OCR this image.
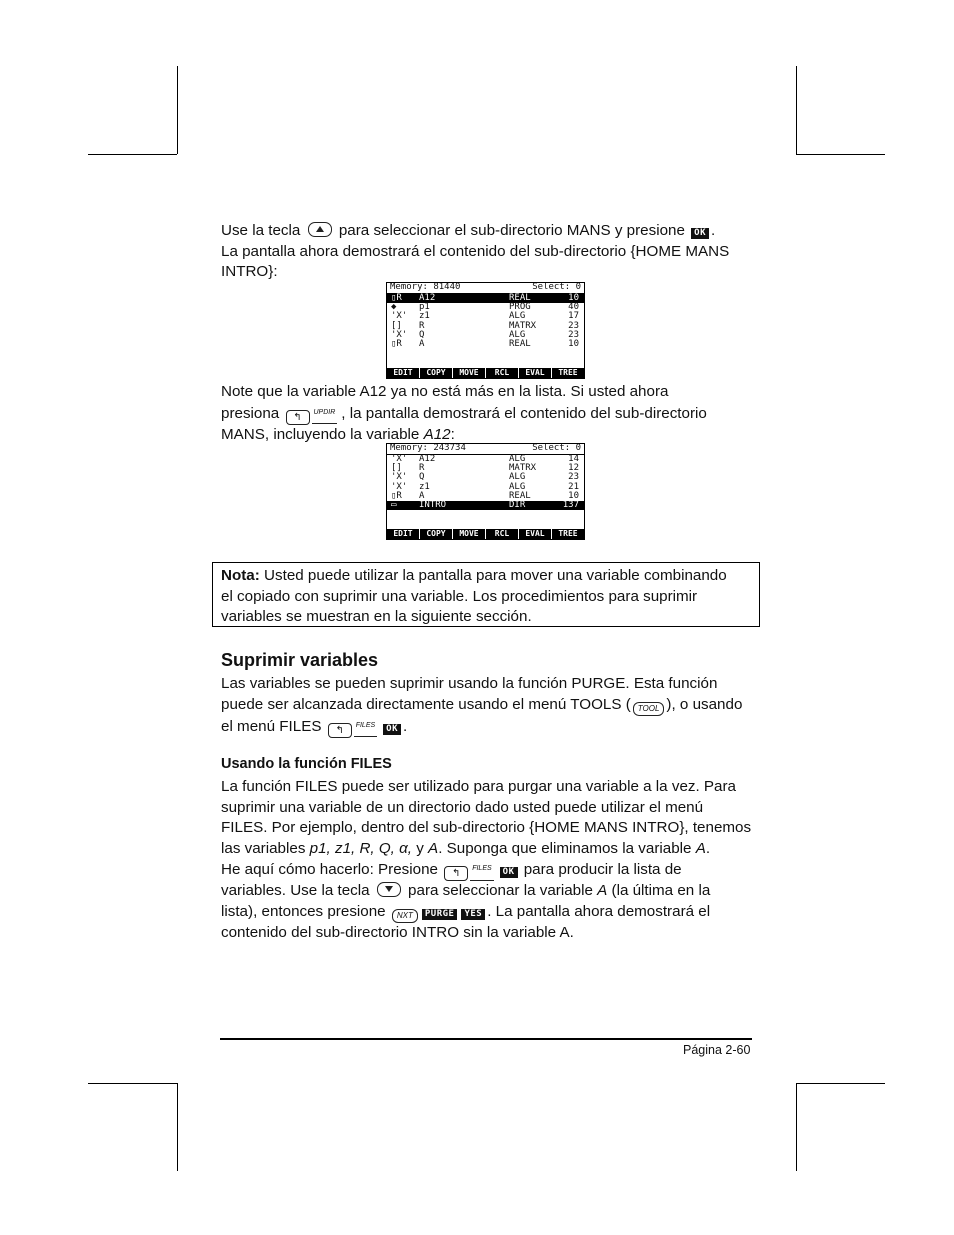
Use la tecla	para seleccionar el sub-directorio MANS y presione OK .
La pantalla ahora demostrará el contenido del sub-directorio {HOME MANS
INTRO}:
Memory: 81440	Select: 0
▯R	A12	REAL	10
◆	p1	PROG	40
'X'	z1	ALG	17
[]	R	MATRX	23
'X'	Q	ALG	23
▯R	A	REAL	10
EDIT	COPY	MOVE	RCL	EVAL	TREE
Note que la variable A12 ya no está más en la lista. Si usted ahora
presiona ↰ UPDIR , la pantalla demostrará el contenido del sub-directorio
MANS, incluyendo la variable A12:
Memory: 243734	Select: 0
'X'	A12	ALG	14
[]	R	MATRX	12
'X'	Q	ALG	23
'X'	z1	ALG	21
▯R	A	REAL	10
▭	INTRO	DIR	137
EDIT	COPY	MOVE	RCL	EVAL	TREE
Nota: Usted puede utilizar la pantalla para mover una variable combinando
el copiado con suprimir una variable. Los procedimientos para suprimir
variables se muestran en la siguiente sección.
Suprimir variables
Las variables se pueden suprimir usando la función PURGE. Esta función
puede ser alcanzada directamente usando el menú TOOLS ( TOOL ), o usando
el menú FILES ↰ FILES OK .
Usando la función FILES
La función FILES puede ser utilizado para purgar una variable a la vez. Para
suprimir una variable de un directorio dado usted puede utilizar el menú
FILES. Por ejemplo, dentro del sub-directorio {HOME MANS INTRO}, tenemos
las variables p1, z1, R, Q, α, y A. Suponga que eliminamos la variable A.
He aquí cómo hacerlo: Presione ↰ FILES OK para producir la lista de
variables. Use la tecla	para seleccionar la variable A (la última en la
lista), entonces presione NXT PURGE YES . La pantalla ahora demostrará el
contenido del sub-directorio INTRO sin la variable A.
Página 2-60
